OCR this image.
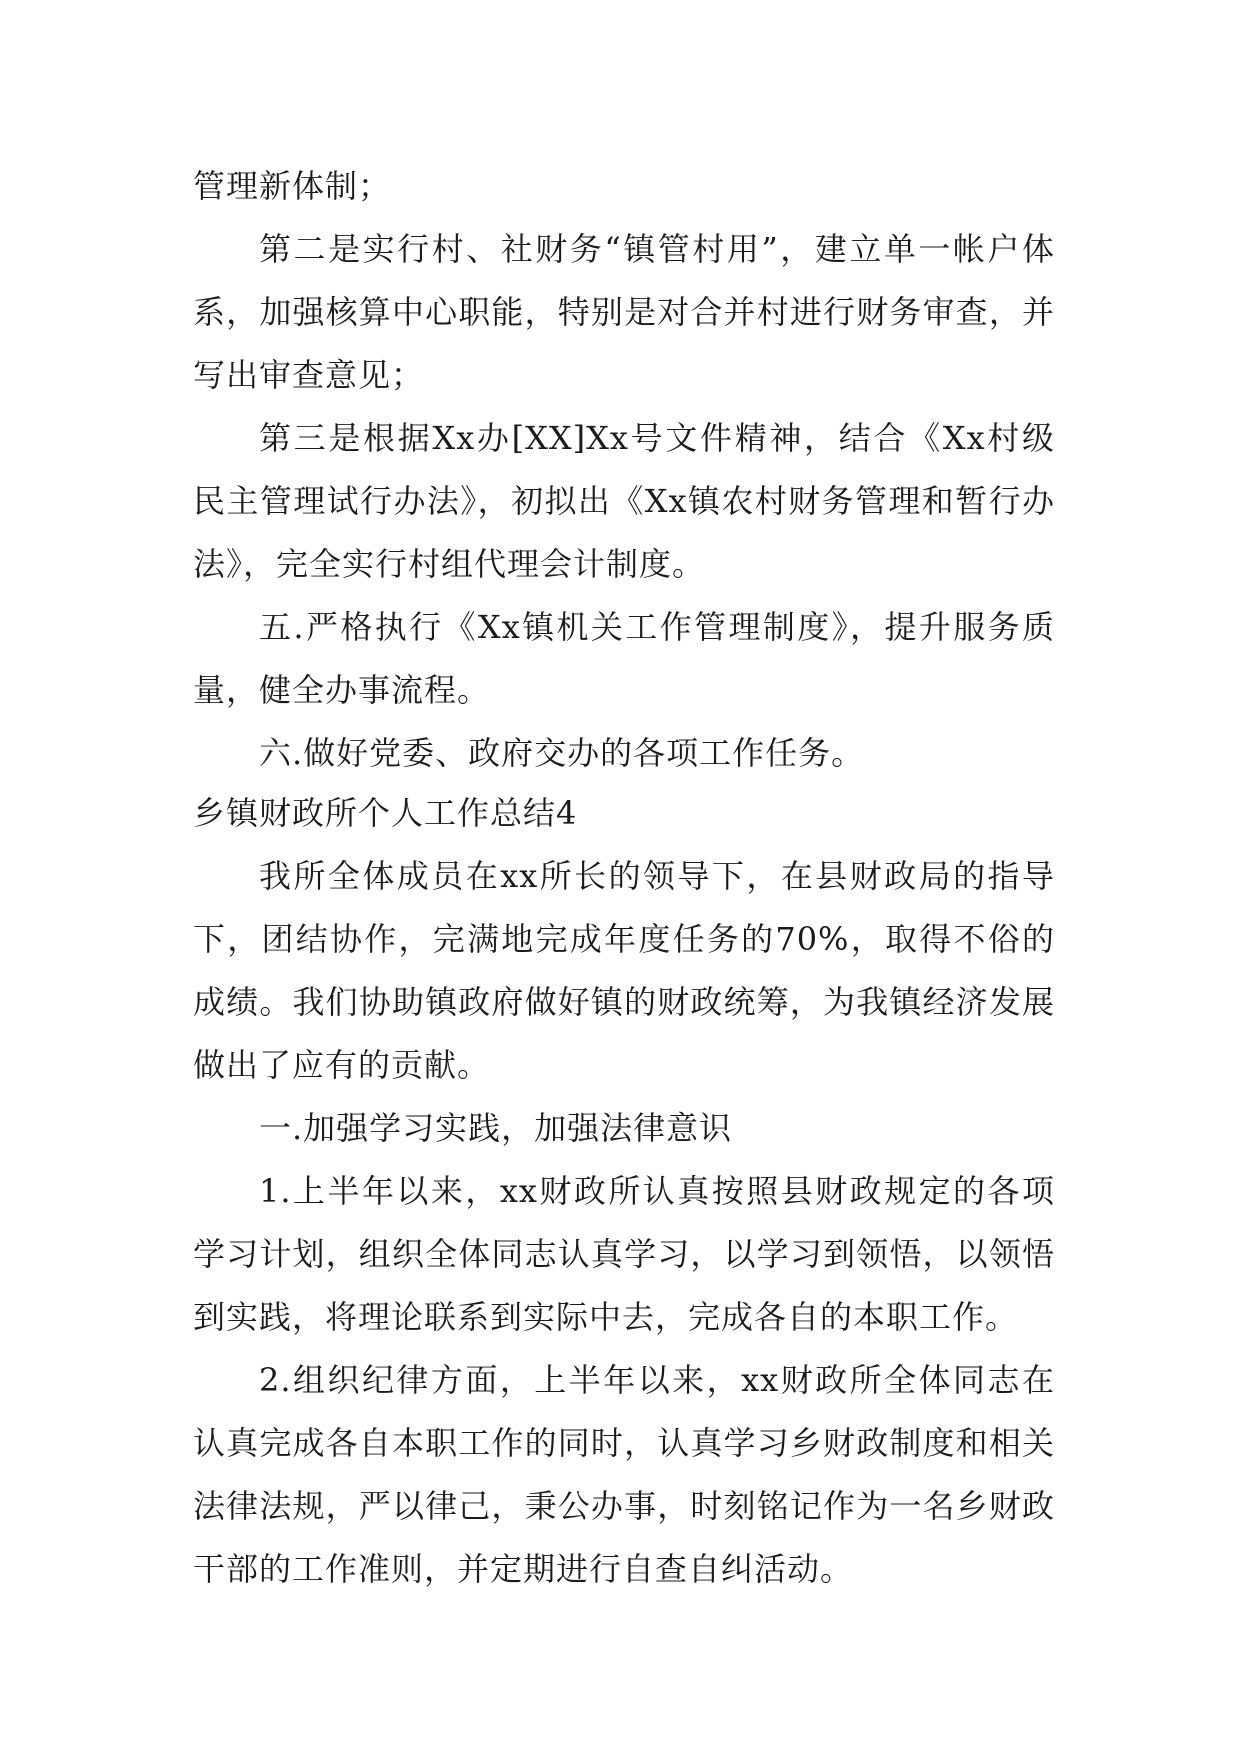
管理新体制；

第二是实行村、社财务“镇管村用”，建立单一帐户体系，加强核算中心职能，特别是对合并村进行财务审查，并写出审查意见；

第三是根据Xx办[XX]Xx号文件精神，结合《Xx村级民主管理试行办法》，初拟出《Xx镇农村财务管理和暂行办法》，完全实行村组代理会计制度。

五.严格执行《Xx镇机关工作管理制度》，提升服务质量，健全办事流程。

六.做好党委、政府交办的各项工作任务。

乡镇财政所个人工作总结4

我所全体成员在xx所长的领导下，在县财政局的指导下，团结协作，完满地完成年度任务的70%，取得不俗的成绩。我们协助镇政府做好镇的财政统筹，为我镇经济发展做出了应有的贡献。

一.加强学习实践，加强法律意识

1.上半年以来，xx财政所认真按照县财政规定的各项学习计划，组织全体同志认真学习，以学习到领悟，以领悟到实践，将理论联系到实际中去，完成各自的本职工作。

2.组织纪律方面，上半年以来，xx财政所全体同志在认真完成各自本职工作的同时，认真学习乡财政制度和相关法律法规，严以律己，秉公办事，时刻铭记作为一名乡财政干部的工作准则，并定期进行自查自纠活动。
